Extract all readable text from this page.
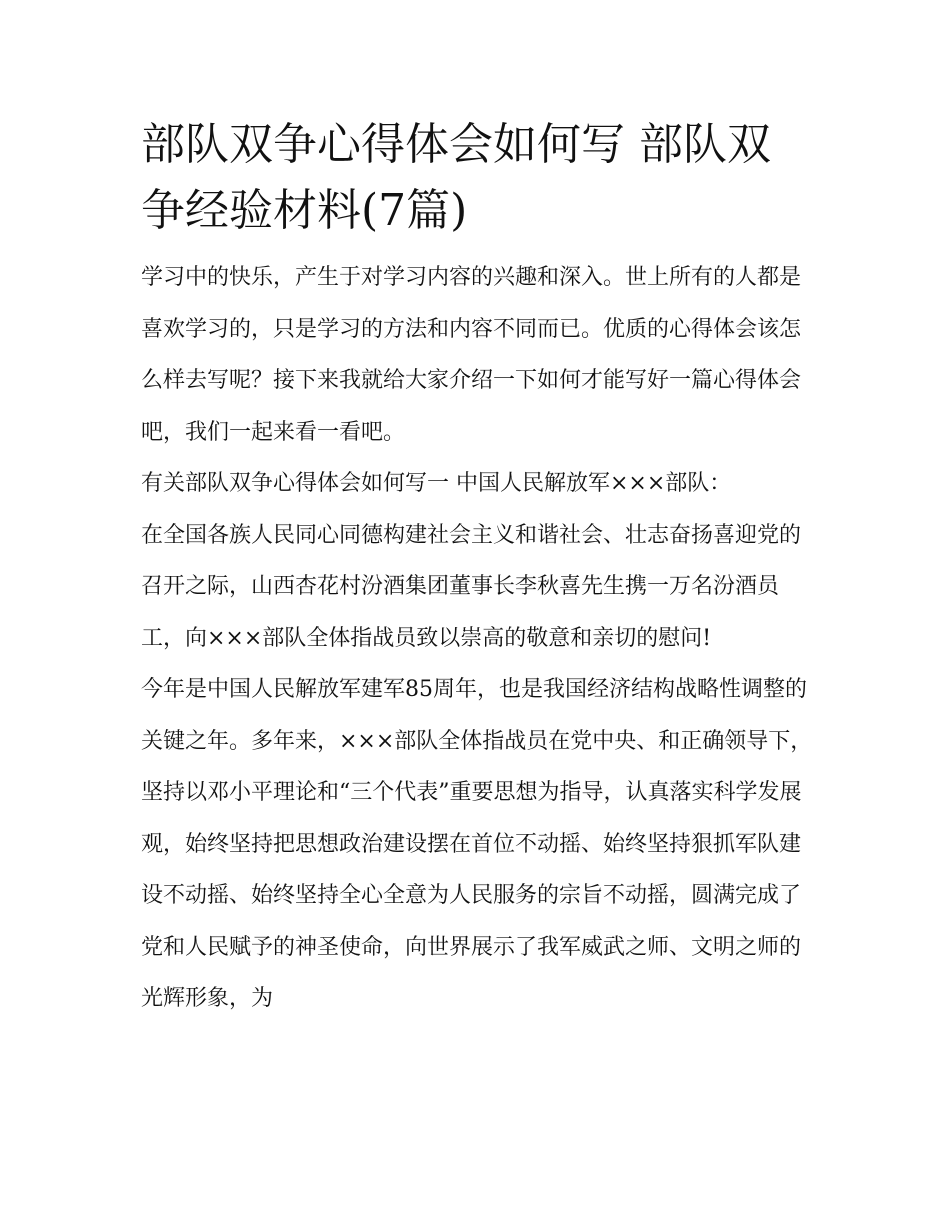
部队双争心得体会如何写 部队双争经验材料(7篇)

学习中的快乐，产生于对学习内容的兴趣和深入。世上所有的人都是喜欢学习的，只是学习的方法和内容不同而已。优质的心得体会该怎么样去写呢？接下来我就给大家介绍一下如何才能写好一篇心得体会吧，我们一起来看一看吧。

有关部队双争心得体会如何写一 中国人民解放军×××部队：

在全国各族人民同心同德构建社会主义和谐社会、壮志奋扬喜迎党的召开之际，山西杏花村汾酒集团董事长李秋喜先生携一万名汾酒员工，向×××部队全体指战员致以崇高的敬意和亲切的慰问!

今年是中国人民解放军建军85周年，也是我国经济结构战略性调整的关键之年。多年来，×××部队全体指战员在党中央、和正确领导下，坚持以邓小平理论和“三个代表”重要思想为指导，认真落实科学发展观，始终坚持把思想政治建设摆在首位不动摇、始终坚持狠抓军队建设不动摇、始终坚持全心全意为人民服务的宗旨不动摇，圆满完成了党和人民赋予的神圣使命，向世界展示了我军威武之师、文明之师的光辉形象，为
